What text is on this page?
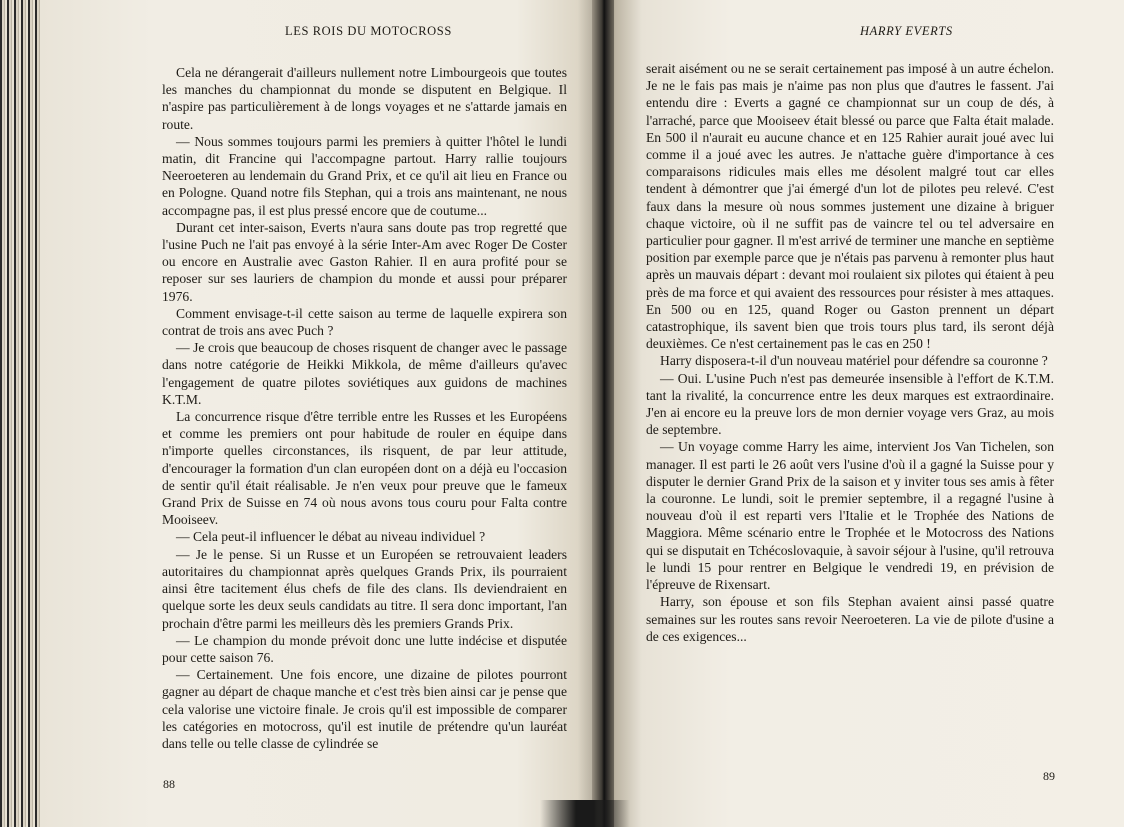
LES ROIS DU MOTOCROSS

Cela ne dérangerait d'ailleurs nullement notre Limbourgeois que toutes les manches du championnat du monde se disputent en Belgique. Il n'aspire pas particulièrement à de longs voyages et ne s'attarde jamais en route.

— Nous sommes toujours parmi les premiers à quitter l'hôtel le lundi matin, dit Francine qui l'accompagne partout. Harry rallie toujours Neeroeteren au lendemain du Grand Prix, et ce qu'il ait lieu en France ou en Pologne. Quand notre fils Stephan, qui a trois ans maintenant, ne nous accompagne pas, il est plus pressé encore que de coutume...

Durant cet inter-saison, Everts n'aura sans doute pas trop regretté que l'usine Puch ne l'ait pas envoyé à la série Inter-Am avec Roger De Coster ou encore en Australie avec Gaston Rahier. Il en aura profité pour se reposer sur ses lauriers de champion du monde et aussi pour préparer 1976.

Comment envisage-t-il cette saison au terme de laquelle expirera son contrat de trois ans avec Puch ?

— Je crois que beaucoup de choses risquent de changer avec le passage dans notre catégorie de Heikki Mikkola, de même d'ailleurs qu'avec l'engagement de quatre pilotes soviétiques aux guidons de machines K.T.M.

La concurrence risque d'être terrible entre les Russes et les Européens et comme les premiers ont pour habitude de rouler en équipe dans n'importe quelles circonstances, ils risquent, de par leur attitude, d'encourager la formation d'un clan européen dont on a déjà eu l'occasion de sentir qu'il était réalisable. Je n'en veux pour preuve que le fameux Grand Prix de Suisse en 74 où nous avons tous couru pour Falta contre Mooiseev.

— Cela peut-il influencer le débat au niveau individuel ?

— Je le pense. Si un Russe et un Européen se retrouvaient leaders autoritaires du championnat après quelques Grands Prix, ils pourraient ainsi être tacitement élus chefs de file des clans. Ils deviendraient en quelque sorte les deux seuls candidats au titre. Il sera donc important, l'an prochain d'être parmi les meilleurs dès les premiers Grands Prix.

— Le champion du monde prévoit donc une lutte indécise et disputée pour cette saison 76.

— Certainement. Une fois encore, une dizaine de pilotes pourront gagner au départ de chaque manche et c'est très bien ainsi car je pense que cela valorise une victoire finale. Je crois qu'il est impossible de comparer les catégories en motocross, qu'il est inutile de prétendre qu'un lauréat dans telle ou telle classe de cylindrée se

88
HARRY EVERTS

serait aisément ou ne se serait certainement pas imposé à un autre échelon. Je ne le fais pas mais je n'aime pas non plus que d'autres le fassent. J'ai entendu dire : Everts a gagné ce championnat sur un coup de dés, à l'arraché, parce que Mooiseev était blessé ou parce que Falta était malade. En 500 il n'aurait eu aucune chance et en 125 Rahier aurait joué avec lui comme il a joué avec les autres. Je n'attache guère d'importance à ces comparaisons ridicules mais elles me désolent malgré tout car elles tendent à démontrer que j'ai émergé d'un lot de pilotes peu relevé. C'est faux dans la mesure où nous sommes justement une dizaine à briguer chaque victoire, où il ne suffit pas de vaincre tel ou tel adversaire en particulier pour gagner. Il m'est arrivé de terminer une manche en septième position par exemple parce que je n'étais pas parvenu à remonter plus haut après un mauvais départ : devant moi roulaient six pilotes qui étaient à peu près de ma force et qui avaient des ressources pour résister à mes attaques. En 500 ou en 125, quand Roger ou Gaston prennent un départ catastrophique, ils savent bien que trois tours plus tard, ils seront déjà deuxièmes. Ce n'est certainement pas le cas en 250 !

Harry disposera-t-il d'un nouveau matériel pour défendre sa couronne ?

— Oui. L'usine Puch n'est pas demeurée insensible à l'effort de K.T.M. tant la rivalité, la concurrence entre les deux marques est extraordinaire. J'en ai encore eu la preuve lors de mon dernier voyage vers Graz, au mois de septembre.

— Un voyage comme Harry les aime, intervient Jos Van Tichelen, son manager. Il est parti le 26 août vers l'usine d'où il a gagné la Suisse pour y disputer le dernier Grand Prix de la saison et y inviter tous ses amis à fêter la couronne. Le lundi, soit le premier septembre, il a regagné l'usine à nouveau d'où il est reparti vers l'Italie et le Trophée des Nations de Maggiora. Même scénario entre le Trophée et le Motocross des Nations qui se disputait en Tchécoslovaquie, à savoir séjour à l'usine, qu'il retrouva le lundi 15 pour rentrer en Belgique le vendredi 19, en prévision de l'épreuve de Rixensart.

Harry, son épouse et son fils Stephan avaient ainsi passé quatre semaines sur les routes sans revoir Neeroeteren. La vie de pilote d'usine a de ces exigences...

89
